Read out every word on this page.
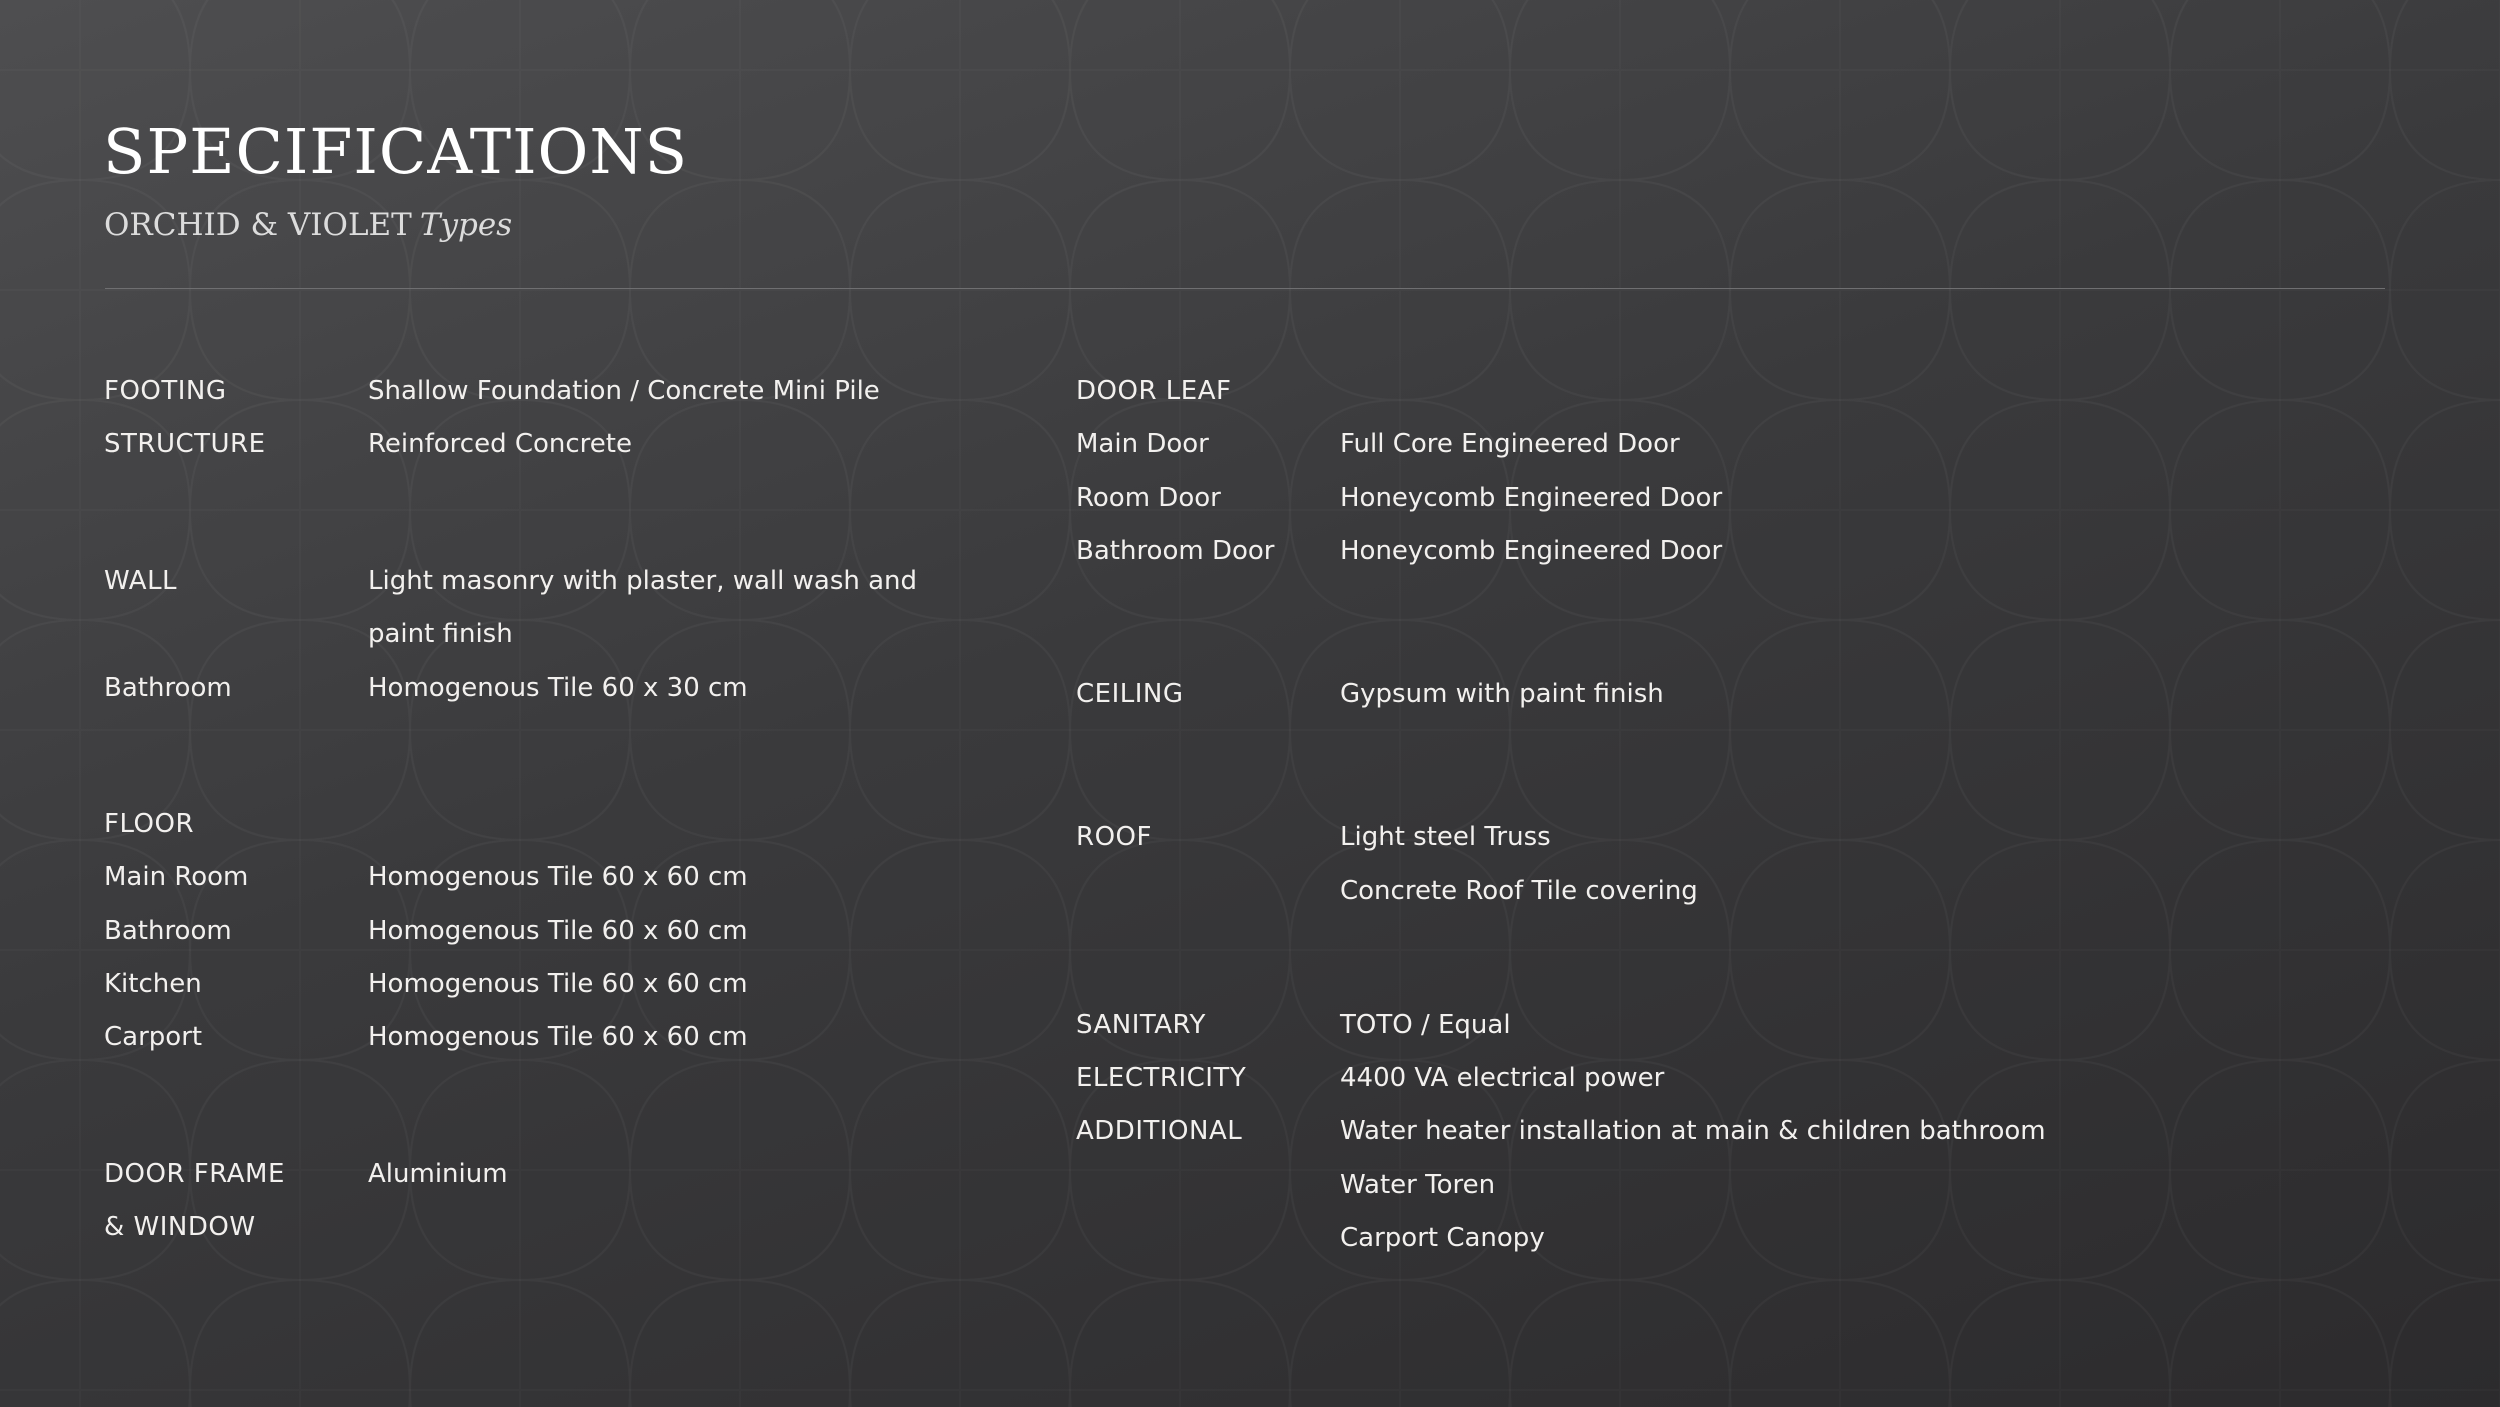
SPECIFICATIONS
ORCHID & VIOLET Types
FOOTING	Shallow Foundation / Concrete Mini Pile
STRUCTURE	Reinforced Concrete
WALL	Light masonry with plaster, wall wash and
paint finish
Bathroom	Homogenous Tile 60 x 30 cm
FLOOR
Main Room	Homogenous Tile 60 x 60 cm
Bathroom	Homogenous Tile 60 x 60 cm
Kitchen	Homogenous Tile 60 x 60 cm
Carport	Homogenous Tile 60 x 60 cm
DOOR FRAME	Aluminium
& WINDOW
DOOR LEAF
Main Door	Full Core Engineered Door
Room Door	Honeycomb Engineered Door
Bathroom Door	Honeycomb Engineered Door
CEILING	Gypsum with paint finish
ROOF	Light steel Truss
Concrete Roof Tile covering
SANITARY	TOTO / Equal
ELECTRICITY	4400 VA electrical power
ADDITIONAL	Water heater installation at main & children bathroom
Water Toren
Carport Canopy
